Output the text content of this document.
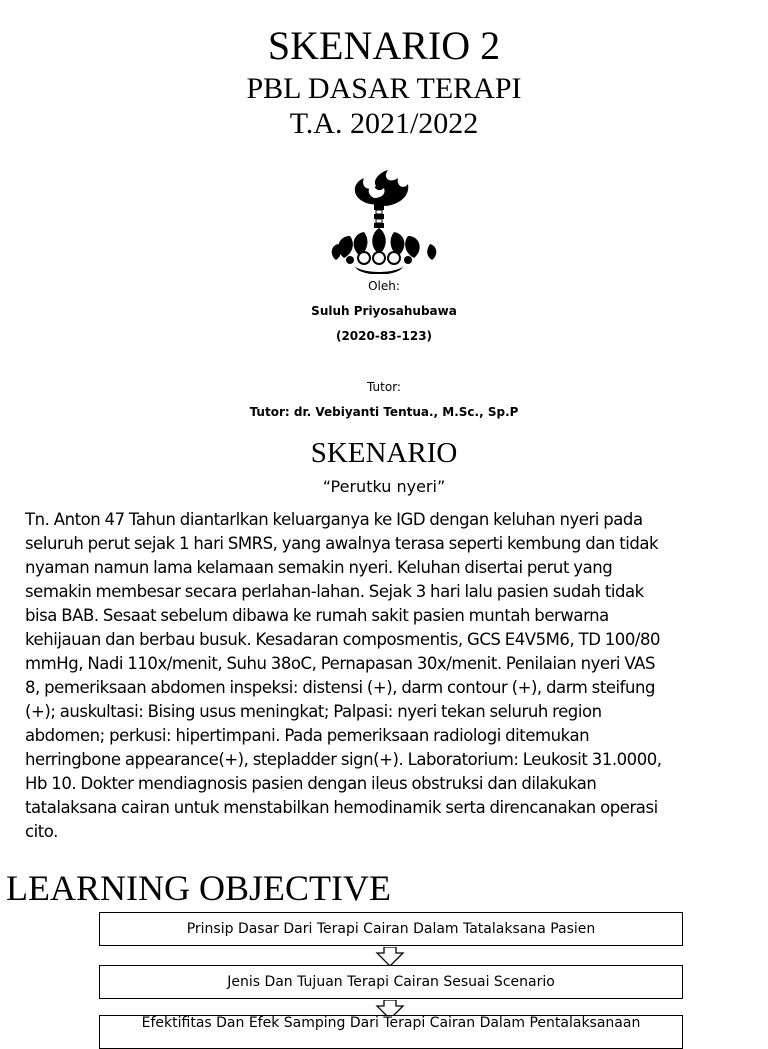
SKENARIO 2
PBL DASAR TERAPI
T.A. 2021/2022
Oleh:
Suluh Priyosahubawa
(2020-83-123)
Tutor:
Tutor: dr. Vebiyanti Tentua., M.Sc., Sp.P
SKENARIO
“Perutku nyeri”
Tn. Anton 47 Tahun diantarlkan keluarganya ke IGD dengan keluhan nyeri pada
seluruh perut sejak 1 hari SMRS, yang awalnya terasa seperti kembung dan tidak
nyaman namun lama kelamaan semakin nyeri. Keluhan disertai perut yang
semakin membesar secara perlahan-lahan. Sejak 3 hari lalu pasien sudah tidak
bisa BAB. Sesaat sebelum dibawa ke rumah sakit pasien muntah berwarna
kehijauan dan berbau busuk. Kesadaran composmentis, GCS E4V5M6, TD 100/80
mmHg, Nadi 110x/menit, Suhu 38oC, Pernapasan 30x/menit. Penilaian nyeri VAS
8, pemeriksaan abdomen inspeksi: distensi (+), darm contour (+), darm steifung
(+); auskultasi: Bising usus meningkat; Palpasi: nyeri tekan seluruh region
abdomen; perkusi: hipertimpani. Pada pemeriksaan radiologi ditemukan
herringbone appearance(+), stepladder sign(+). Laboratorium: Leukosit 31.0000,
Hb 10. Dokter mendiagnosis pasien dengan ileus obstruksi dan dilakukan
tatalaksana cairan untuk menstabilkan hemodinamik serta direncanakan operasi
cito.
LEARNING OBJECTIVE
Prinsip Dasar Dari Terapi Cairan Dalam Tatalaksana Pasien
Jenis Dan Tujuan Terapi Cairan Sesuai Scenario
Efektifitas Dan Efek Samping Dari Terapi Cairan Dalam Pentalaksanaan
